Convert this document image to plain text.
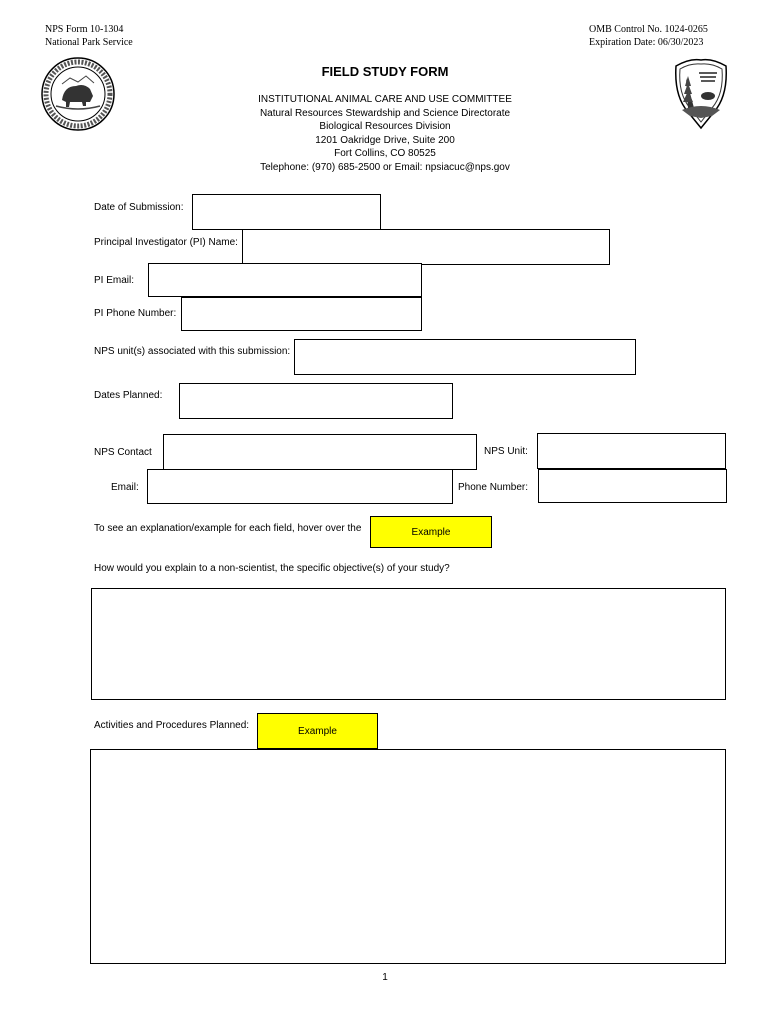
NPS Form 10-1304
National Park Service
OMB Control No. 1024-0265
Expiration Date: 06/30/2023
FIELD STUDY FORM
INSTITUTIONAL ANIMAL CARE AND USE COMMITTEE
Natural Resources Stewardship and Science Directorate
Biological Resources Division
1201 Oakridge Drive, Suite 200
Fort Collins, CO 80525
Telephone: (970) 685-2500 or Email: npsiacuc@nps.gov
Date of Submission:
Principal Investigator (PI) Name:
PI Email:
PI Phone Number:
NPS unit(s) associated with this submission:
Dates Planned:
NPS Contact	NPS Unit:
Email:	Phone Number:
To see an explanation/example for each field, hover over the	Example
How would you explain to a non-scientist, the specific objective(s) of your study?
Activities and Procedures Planned:	Example
1
